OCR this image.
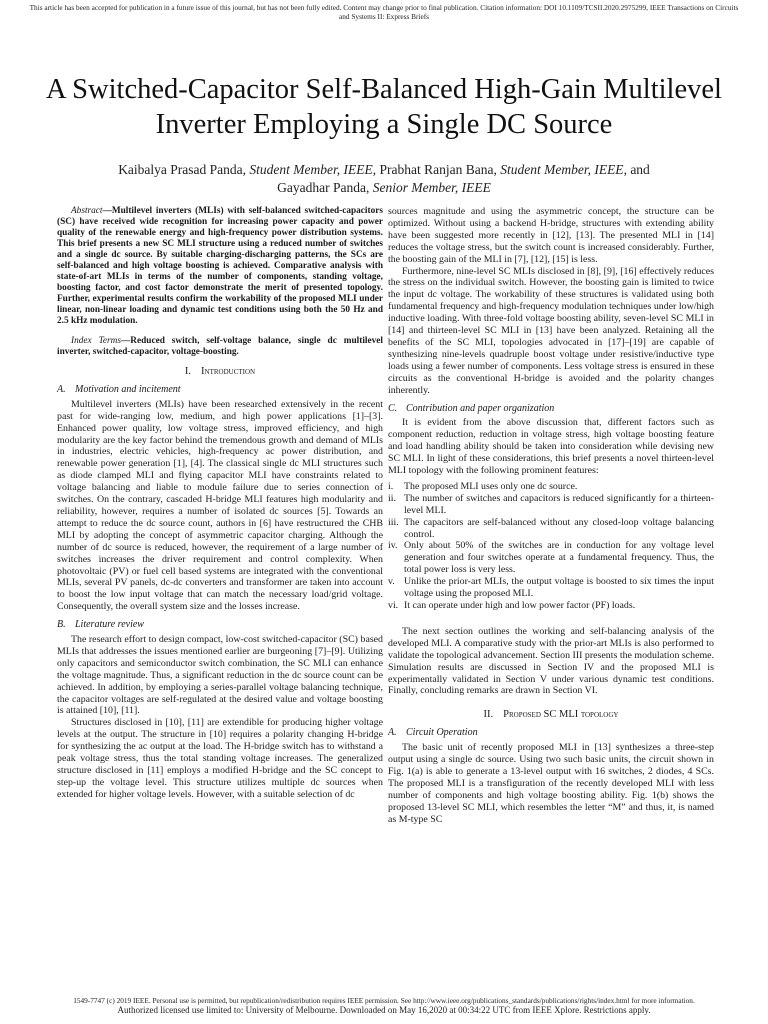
This article has been accepted for publication in a future issue of this journal, but has not been fully edited. Content may change prior to final publication. Citation information: DOI 10.1109/TCSII.2020.2975299, IEEE Transactions on Circuits and Systems II: Express Briefs
A Switched-Capacitor Self-Balanced High-Gain Multilevel Inverter Employing a Single DC Source
Kaibalya Prasad Panda, Student Member, IEEE, Prabhat Ranjan Bana, Student Member, IEEE, and
Gayadhar Panda, Senior Member, IEEE

Abstract—Multilevel inverters (MLIs) with self-balanced switched-capacitors (SC) have received wide recognition for increasing power capacity and power quality of the renewable energy and high-frequency power distribution systems. This brief presents a new SC MLI structure using a reduced number of switches and a single dc source. By suitable charging-discharging patterns, the SCs are self-balanced and high voltage boosting is achieved. Comparative analysis with state-of-art MLIs in terms of the number of components, standing voltage, boosting factor, and cost factor demonstrate the merit of presented topology. Further, experimental results confirm the workability of the proposed MLI under linear, non-linear loading and dynamic test conditions using both the 50 Hz and 2.5 kHz modulation.

Index Terms—Reduced switch, self-voltage balance, single dc multilevel inverter, switched-capacitor, voltage-boosting.

I. Introduction
A. Motivation and incitement

Multilevel inverters (MLIs) have been researched extensively in the recent past for wide-ranging low, medium, and high power applications [1]–[3]. Enhanced power quality, low voltage stress, improved efficiency, and high modularity are the key factor behind the tremendous growth and demand of MLIs in industries, electric vehicles, high-frequency ac power distribution, and renewable power generation [1], [4]. The classical single dc MLI structures such as diode clamped MLI and flying capacitor MLI have constraints related to voltage balancing and liable to module failure due to series connection of switches. On the contrary, cascaded H-bridge MLI features high modularity and reliability, however, requires a number of isolated dc sources [5]. Towards an attempt to reduce the dc source count, authors in [6] have restructured the CHB MLI by adopting the concept of asymmetric capacitor charging. Although the number of dc source is reduced, however, the requirement of a large number of switches increases the driver requirement and control complexity. When photovoltaic (PV) or fuel cell based systems are integrated with the conventional MLIs, several PV panels, dc-dc converters and transformer are taken into account to boost the low input voltage that can match the necessary load/grid voltage. Consequently, the overall system size and the losses increase.

B. Literature review

The research effort to design compact, low-cost switched-capacitor (SC) based MLIs that addresses the issues mentioned earlier are burgeoning [7]–[9]. Utilizing only capacitors and semiconductor switch combination, the SC MLI can enhance the voltage magnitude. Thus, a significant reduction in the dc source count can be achieved. In addition, by employing a series-parallel voltage balancing technique, the capacitor voltages are self-regulated at the desired value and voltage boosting is attained [10], [11].

Structures disclosed in [10], [11] are extendible for producing higher voltage levels at the output. The structure in [10] requires a polarity changing H-bridge for synthesizing the ac output at the load. The H-bridge switch has to withstand a peak voltage stress, thus the total standing voltage increases. The generalized structure disclosed in [11] employs a modified H-bridge and the SC concept to step-up the voltage level. This structure utilizes multiple dc sources when extended for higher voltage levels. However, with a suitable selection of dc

sources magnitude and using the asymmetric concept, the structure can be optimized. Without using a backend H-bridge, structures with extending ability have been suggested more recently in [12], [13]. The presented MLI in [14] reduces the voltage stress, but the switch count is increased considerably. Further, the boosting gain of the MLI in [7], [12], [15] is less.

Furthermore, nine-level SC MLIs disclosed in [8], [9], [16] effectively reduces the stress on the individual switch. However, the boosting gain is limited to twice the input dc voltage. The workability of these structures is validated using both fundamental frequency and high-frequency modulation techniques under low/high inductive loading. With three-fold voltage boosting ability, seven-level SC MLI in [14] and thirteen-level SC MLI in [13] have been analyzed. Retaining all the benefits of the SC MLI, topologies advocated in [17]–[19] are capable of synthesizing nine-levels quadruple boost voltage under resistive/inductive type loads using a fewer number of components. Less voltage stress is ensured in these circuits as the conventional H-bridge is avoided and the polarity changes inherently.

C. Contribution and paper organization

It is evident from the above discussion that, different factors such as component reduction, reduction in voltage stress, high voltage boosting feature and load handling ability should be taken into consideration while devising new SC MLI. In light of these considerations, this brief presents a novel thirteen-level MLI topology with the following prominent features:

i.	The proposed MLI uses only one dc source.
ii. The number of switches and capacitors is reduced significantly for a thirteen-level MLI.
iii. The capacitors are self-balanced without any closed-loop voltage balancing control.
iv. Only about 50% of the switches are in conduction for any voltage level generation and four switches operate at a fundamental frequency. Thus, the total power loss is very less.
v. Unlike the prior-art MLIs, the output voltage is boosted to six times the input voltage using the proposed MLI.
vi. It can operate under high and low power factor (PF) loads.

The next section outlines the working and self-balancing analysis of the developed MLI. A comparative study with the prior-art MLIs is also performed to validate the topological advancement. Section III presents the modulation scheme. Simulation results are discussed in Section IV and the proposed MLI is experimentally validated in Section V under various dynamic test conditions. Finally, concluding remarks are drawn in Section VI.

II. Proposed SC MLI topology
A. Circuit Operation

The basic unit of recently proposed MLI in [13] synthesizes a three-step output using a single dc source. Using two such basic units, the circuit shown in Fig. 1(a) is able to generate a 13-level output with 16 switches, 2 diodes, 4 SCs. The proposed MLI is a transfiguration of the recently developed MLI with less number of components and high voltage boosting ability. Fig. 1(b) shows the proposed 13-level SC MLI, which resembles the letter “M” and thus, it, is named as M-type SC

1549-7747 (c) 2019 IEEE. Personal use is permitted, but republication/redistribution requires IEEE permission. See http://www.ieee.org/publications_standards/publications/rights/index.html for more information.
Authorized licensed use limited to: University of Melbourne. Downloaded on May 16,2020 at 00:34:22 UTC from IEEE Xplore. Restrictions apply.
